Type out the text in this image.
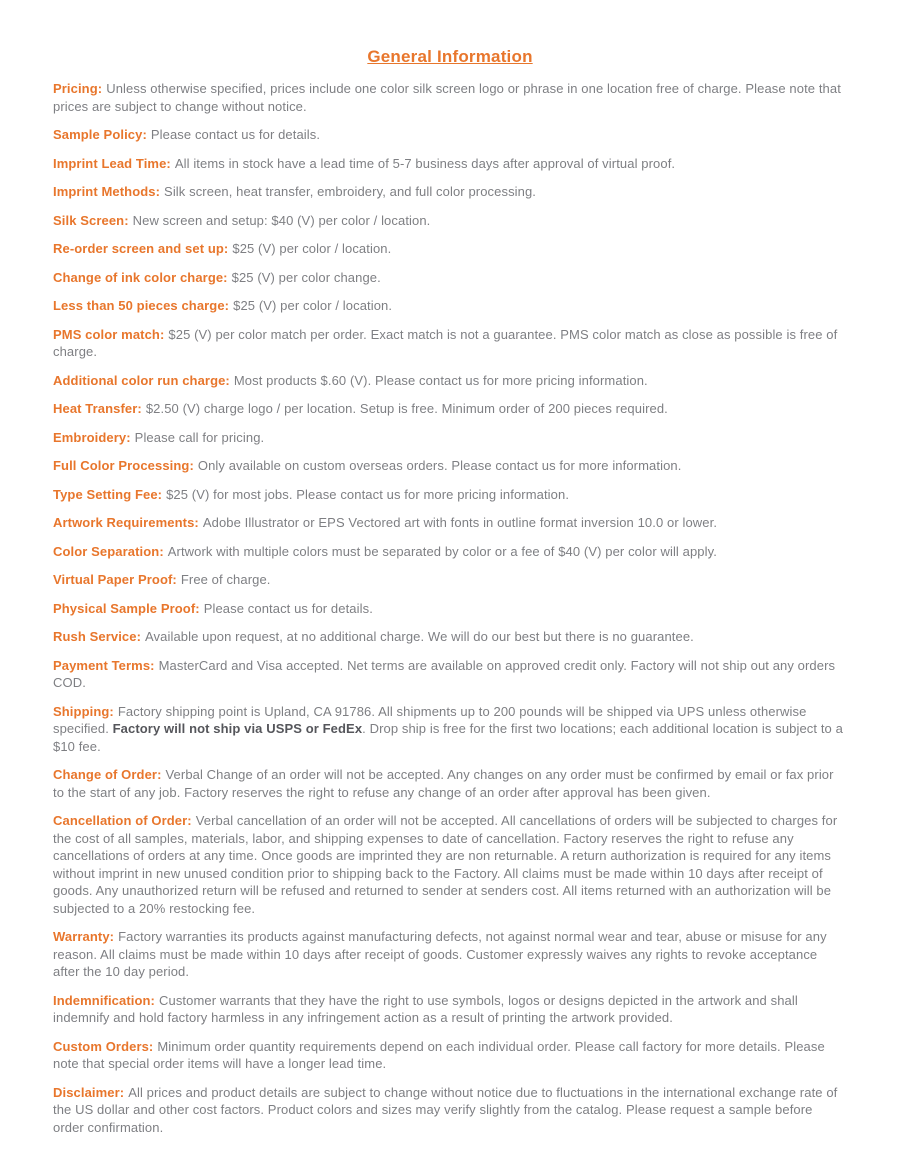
General Information

Pricing: Unless otherwise specified, prices include one color silk screen logo or phrase in one location free of charge. Please note that prices are subject to change without notice.

Sample Policy: Please contact us for details.

Imprint Lead Time: All items in stock have a lead time of 5-7 business days after approval of virtual proof.

Imprint Methods: Silk screen, heat transfer, embroidery, and full color processing.

Silk Screen: New screen and setup: $40 (V) per color / location.

Re-order screen and set up: $25 (V) per color / location.

Change of ink color charge: $25 (V) per color change.

Less than 50 pieces charge: $25 (V) per color / location.

PMS color match: $25 (V) per color match per order. Exact match is not a guarantee. PMS color match as close as possible is free of charge.

Additional color run charge: Most products $.60 (V). Please contact us for more pricing information.

Heat Transfer: $2.50 (V) charge logo / per location. Setup is free. Minimum order of 200 pieces required.

Embroidery: Please call for pricing.

Full Color Processing: Only available on custom overseas orders. Please contact us for more information.

Type Setting Fee: $25 (V) for most jobs. Please contact us for more pricing information.

Artwork Requirements: Adobe Illustrator or EPS Vectored art with fonts in outline format inversion 10.0 or lower.

Color Separation: Artwork with multiple colors must be separated by color or a fee of $40 (V) per color will apply.

Virtual Paper Proof: Free of charge.

Physical Sample Proof: Please contact us for details.

Rush Service: Available upon request, at no additional charge. We will do our best but there is no guarantee.

Payment Terms: MasterCard and Visa accepted. Net terms are available on approved credit only. Factory will not ship out any orders COD.

Shipping: Factory shipping point is Upland, CA 91786. All shipments up to 200 pounds will be shipped via UPS unless otherwise specified. Factory will not ship via USPS or FedEx. Drop ship is free for the first two locations; each additional location is subject to a $10 fee.

Change of Order: Verbal Change of an order will not be accepted. Any changes on any order must be confirmed by email or fax prior to the start of any job. Factory reserves the right to refuse any change of an order after approval has been given.

Cancellation of Order: Verbal cancellation of an order will not be accepted. All cancellations of orders will be subjected to charges for the cost of all samples, materials, labor, and shipping expenses to date of cancellation. Factory reserves the right to refuse any cancellations of orders at any time. Once goods are imprinted they are non returnable. A return authorization is required for any items without imprint in new unused condition prior to shipping back to the Factory. All claims must be made within 10 days after receipt of goods. Any unauthorized return will be refused and returned to sender at senders cost. All items returned with an authorization will be subjected to a 20% restocking fee.

Warranty: Factory warranties its products against manufacturing defects, not against normal wear and tear, abuse or misuse for any reason. All claims must be made within 10 days after receipt of goods. Customer expressly waives any rights to revoke acceptance after the 10 day period.

Indemnification: Customer warrants that they have the right to use symbols, logos or designs depicted in the artwork and shall indemnify and hold factory harmless in any infringement action as a result of printing the artwork provided.

Custom Orders: Minimum order quantity requirements depend on each individual order. Please call factory for more details. Please note that special order items will have a longer lead time.

Disclaimer: All prices and product details are subject to change without notice due to fluctuations in the international exchange rate of the US dollar and other cost factors. Product colors and sizes may verify slightly from the catalog. Please request a sample before order confirmation.
